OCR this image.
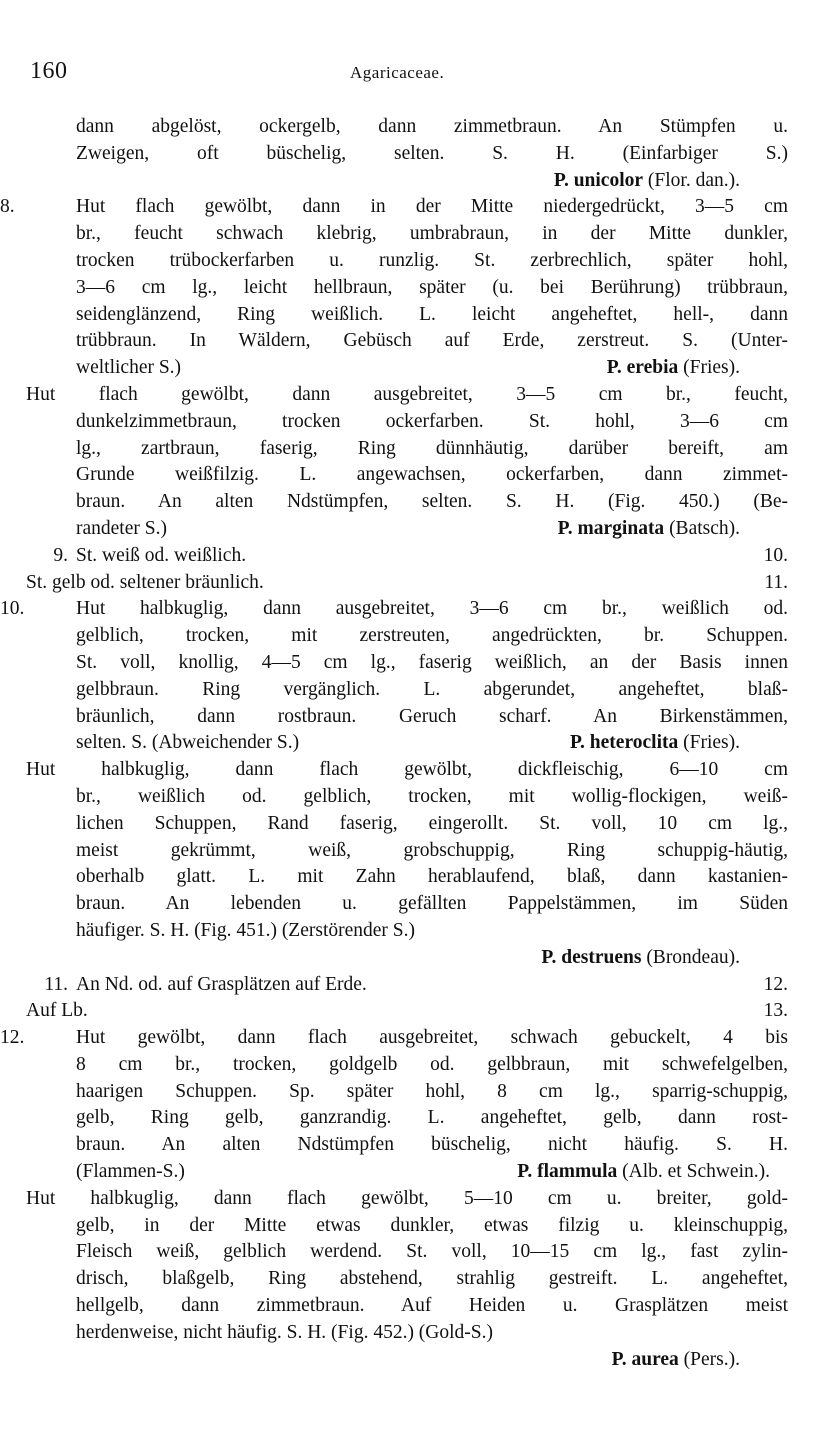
160	Agaricaceae.
dann abgelöst, ockergelb, dann zimmetbraun. An Stümpfen u.
Zweigen, oft büschelig, selten. S. H. (Einfarbiger S.)
P. unicolor (Flor. dan.).
8.	Hut flach gewölbt, dann in der Mitte niedergedrückt, 3—5 cm
br., feucht schwach klebrig, umbrabraun, in der Mitte dunkler,
trocken trübockerfarben u. runzlig. St. zerbrechlich, später hohl,
3—6 cm lg., leicht hellbraun, später (u. bei Berührung) trübbraun,
seidenglänzend, Ring weißlich. L. leicht angeheftet, hell-, dann
trübbraun. In Wäldern, Gebüsch auf Erde, zerstreut. S. (Unter-
weltlicher S.)	P. erebia (Fries).
Hut flach gewölbt, dann ausgebreitet, 3—5 cm br., feucht,
dunkelzimmetbraun, trocken ockerfarben. St. hohl, 3—6 cm
lg., zartbraun, faserig, Ring dünnhäutig, darüber bereift, am
Grunde weißfilzig. L. angewachsen, ockerfarben, dann zimmet-
braun. An alten Ndstümpfen, selten. S. H. (Fig. 450.) (Be-
randeter S.)	P. marginata (Batsch).
9. St. weiß od. weißlich.	10.
St. gelb od. seltener bräunlich.	11.
10.	Hut halbkuglig, dann ausgebreitet, 3—6 cm br., weißlich od.
gelblich, trocken, mit zerstreuten, angedrückten, br. Schuppen.
St. voll, knollig, 4—5 cm lg., faserig weißlich, an der Basis innen
gelbbraun. Ring vergänglich. L. abgerundet, angeheftet, blaß-
bräunlich, dann rostbraun. Geruch scharf. An Birkenstämmen,
selten. S. (Abweichender S.)	P. heteroclita (Fries).
Hut halbkuglig, dann flach gewölbt, dickfleischig, 6—10 cm
br., weißlich od. gelblich, trocken, mit wollig-flockigen, weiß-
lichen Schuppen, Rand faserig, eingerollt. St. voll, 10 cm lg.,
meist gekrümmt, weiß, grobschuppig, Ring schuppig-häutig,
oberhalb glatt. L. mit Zahn herablaufend, blaß, dann kastanien-
braun. An lebenden u. gefällten Pappelstämmen, im Süden
häufiger. S. H. (Fig. 451.) (Zerstörender S.)
P. destruens (Brondeau).
11. An Nd. od. auf Grasplätzen auf Erde.	12.
Auf Lb.	13.
12.	Hut gewölbt, dann flach ausgebreitet, schwach gebuckelt, 4 bis
8 cm br., trocken, goldgelb od. gelbbraun, mit schwefelgelben,
haarigen Schuppen. Sp. später hohl, 8 cm lg., sparrig-schuppig,
gelb, Ring gelb, ganzrandig. L. angeheftet, gelb, dann rost-
braun. An alten Ndstümpfen büschelig, nicht häufig. S. H.
(Flammen-S.)	P. flammula (Alb. et Schwein.).
Hut halbkuglig, dann flach gewölbt, 5—10 cm u. breiter, gold-
gelb, in der Mitte etwas dunkler, etwas filzig u. kleinschuppig,
Fleisch weiß, gelblich werdend. St. voll, 10—15 cm lg., fast zylin-
drisch, blaßgelb, Ring abstehend, strahlig gestreift. L. angeheftet,
hellgelb, dann zimmetbraun. Auf Heiden u. Grasplätzen meist
herdenweise, nicht häufig. S. H. (Fig. 452.) (Gold-S.)
P. aurea (Pers.).
